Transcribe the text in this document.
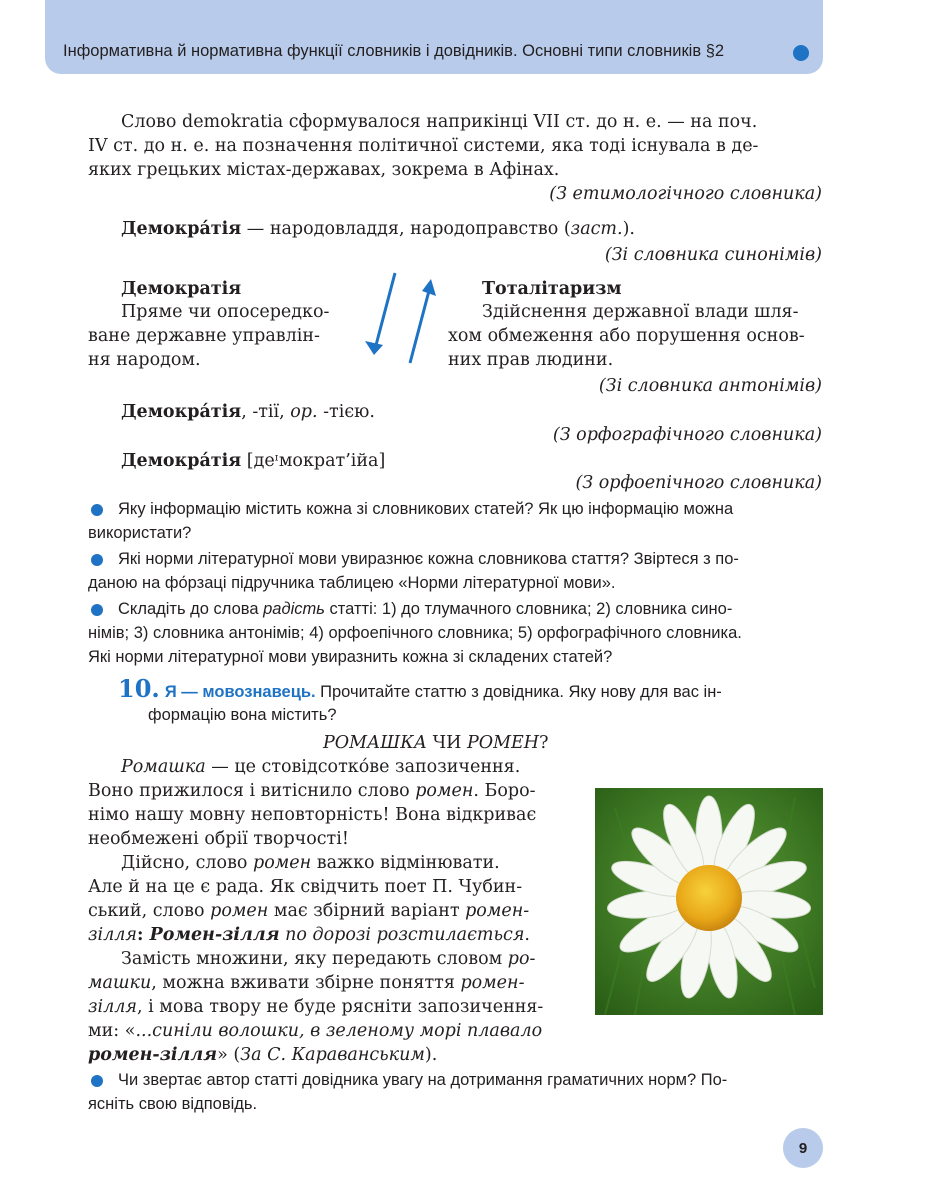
Інформативна й нормативна функції словників і довідників. Основні типи словників §2
Слово demokratia сформувалося наприкінці VII ст. до н. е. — на поч.
IV ст. до н. е. на позначення політичної системи, яка тоді існувала в де-
яких грецьких містах-державах, зокрема в Афінах.
(З етимологічного словника)
Демокра́тія — народовладдя, народоправство (заст.).
(Зі словника синонімів)
Демократія
Пряме чи опосередко-
ване державне управлін-
ня народом.
Тоталітаризм
Здійснення державної влади шля-
хом обмеження або порушення основ-
них прав людини.
(Зі словника антонімів)
Демокра́тія, -тії, ор. -тією.
(З орфографічного словника)
Демокра́тія [деᶦмократ’ійа]
(З орфоепічного словника)
Яку інформацію містить кожна зі словникових статей? Як цю інформацію можна
використати?
Які норми літературної мови увиразнює кожна словникова стаття? Звіртеся з по-
даною на фо́рзаці підручника таблицею «Норми літературної мови».
Складіть до слова радість статті: 1) до тлумачного словника; 2) словника сино-
німів; 3) словника антонімів; 4) орфоепічного словника; 5) орфографічного словника.
Які норми літературної мови увиразнить кожна зі складених статей?
10. Я — мовознавець. Прочитайте статтю з довідника. Яку нову для вас ін-
формацію вона містить?
РОМАШКА ЧИ РОМЕН?
Ромашка — це стовідсотко́ве запозичення.
Воно прижилося і витіснило слово ромен. Боро-
німо нашу мовну неповторність! Вона відкриває
необмежені обрії творчості!
Дійсно, слово ромен важко відмінювати.
Але й на це є рада. Як свідчить поет П. Чубин-
ський, слово ромен має збірний варіант ромен-
зілля: Ромен-зілля по дорозі розстилається.
Замість множини, яку передають словом ро-
машки, можна вживати збірне поняття ромен-
зілля, і мова твору не буде рясніти запозичення-
ми: «...синіли волошки, в зеленому морі плавало
ромен-зілля» (За С. Караванським).
Чи звертає автор статті довідника увагу на дотримання граматичних норм? По-
ясніть свою відповідь.
9
